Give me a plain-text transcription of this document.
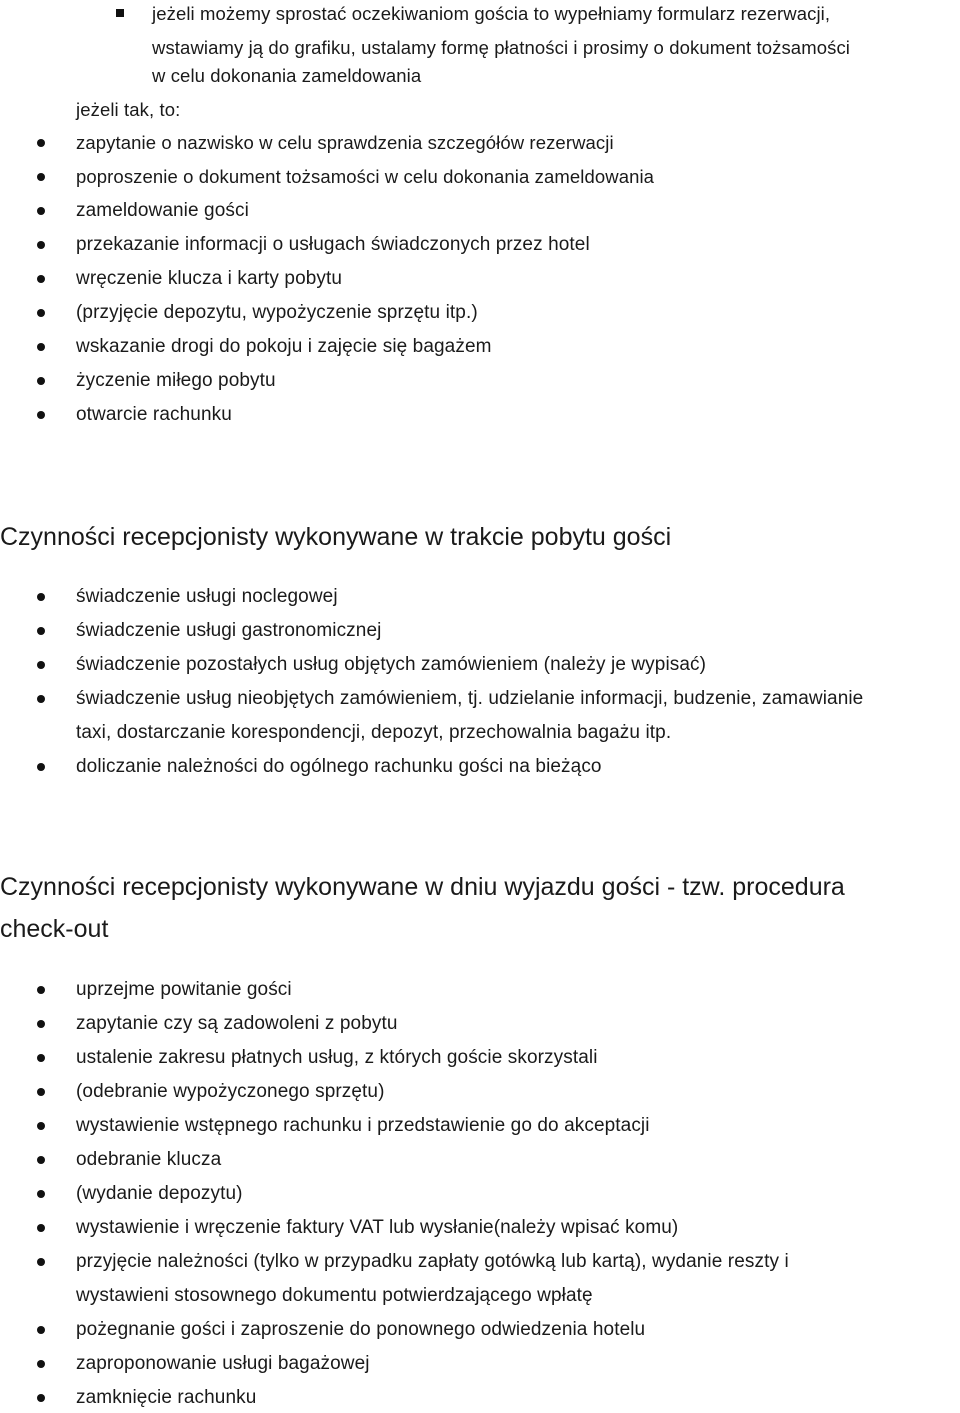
jeżeli możemy sprostać oczekiwaniom gościa to wypełniamy formularz rezerwacji,
wstawiamy ją do grafiku, ustalamy formę płatności i prosimy o dokument tożsamości
w celu dokonania zameldowania
jeżeli tak, to:
zapytanie o nazwisko w celu sprawdzenia szczegółów rezerwacji
poproszenie o dokument tożsamości w celu dokonania zameldowania
zameldowanie gości
przekazanie informacji o usługach świadczonych przez hotel
wręczenie klucza i karty pobytu
(przyjęcie depozytu, wypożyczenie sprzętu itp.)
wskazanie drogi do pokoju i zajęcie się bagażem
życzenie miłego pobytu
otwarcie rachunku
Czynności recepcjonisty wykonywane w trakcie pobytu gości
świadczenie usługi noclegowej
świadczenie usługi gastronomicznej
świadczenie pozostałych usług objętych zamówieniem (należy je wypisać)
świadczenie usług nieobjętych zamówieniem, tj. udzielanie informacji, budzenie, zamawianie
taxi, dostarczanie korespondencji, depozyt, przechowalnia bagażu itp.
doliczanie należności do ogólnego rachunku gości na bieżąco
Czynności recepcjonisty wykonywane w dniu wyjazdu gości - tzw. procedura
check-out
uprzejme powitanie gości
zapytanie czy są zadowoleni z pobytu
ustalenie zakresu płatnych usług, z których goście skorzystali
(odebranie wypożyczonego sprzętu)
wystawienie wstępnego rachunku i przedstawienie go do akceptacji
odebranie klucza
(wydanie depozytu)
wystawienie i wręczenie faktury VAT lub wysłanie(należy wpisać komu)
przyjęcie należności (tylko w przypadku zapłaty gotówką lub kartą), wydanie reszty i
wystawieni stosownego dokumentu potwierdzającego wpłatę
pożegnanie gości i zaproszenie do ponownego odwiedzenia hotelu
zaproponowanie usługi bagażowej
zamknięcie rachunku
